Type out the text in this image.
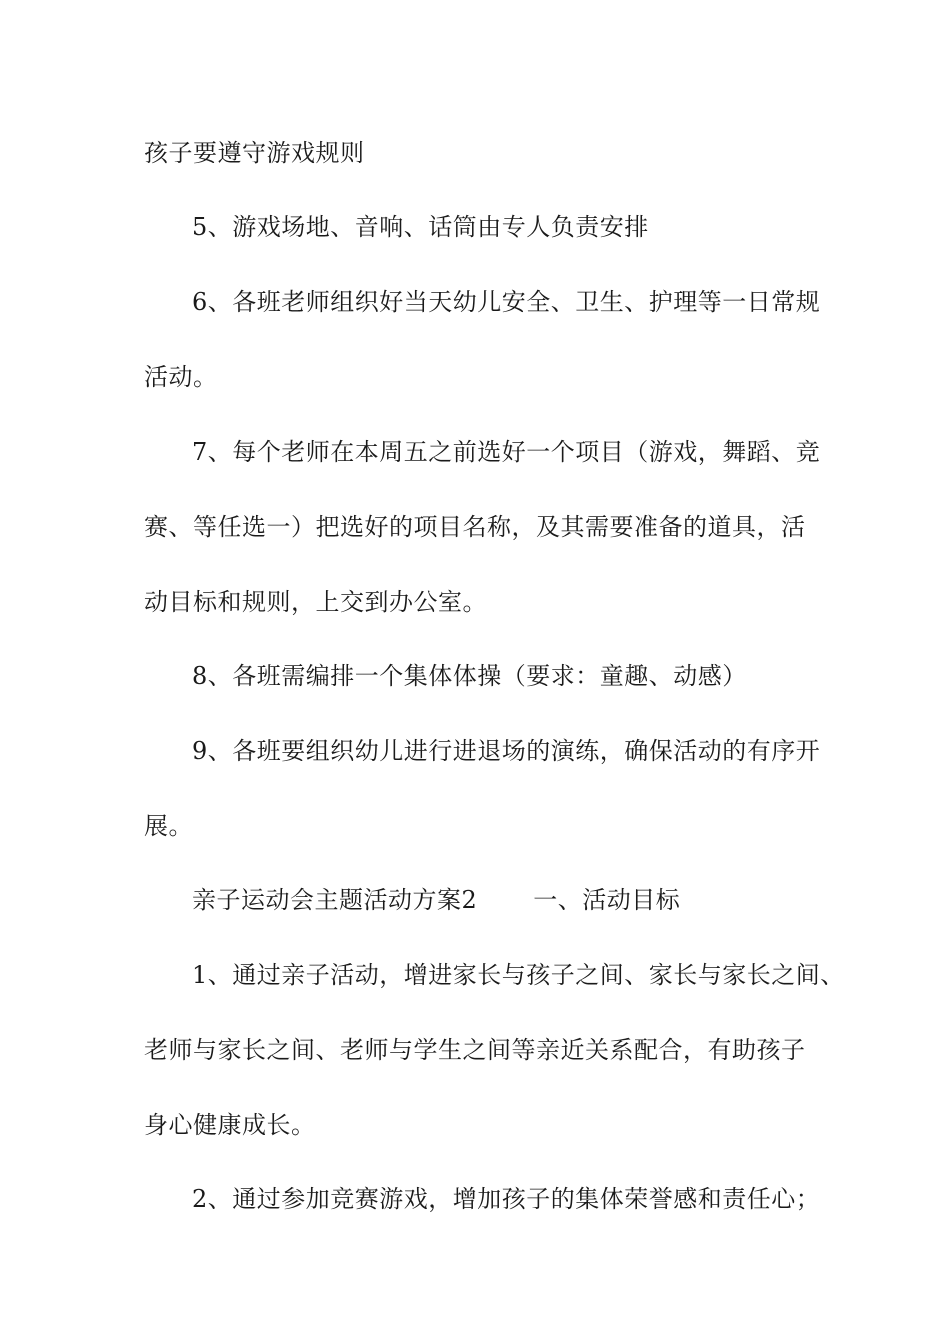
孩子要遵守游戏规则
5、游戏场地、音响、话筒由专人负责安排
6、各班老师组织好当天幼儿安全、卫生、护理等一日常规
活动。
7、每个老师在本周五之前选好一个项目（游戏，舞蹈、竞
赛、等任选一）把选好的项目名称，及其需要准备的道具，活
动目标和规则，上交到办公室。
8、各班需编排一个集体体操（要求：童趣、动感）
9、各班要组织幼儿进行进退场的演练，确保活动的有序开
展。
亲子运动会主题活动方案2 一、活动目标
1、通过亲子活动，增进家长与孩子之间、家长与家长之间、
老师与家长之间、老师与学生之间等亲近关系配合，有助孩子
身心健康成长。
2、通过参加竞赛游戏，增加孩子的集体荣誉感和责任心；
